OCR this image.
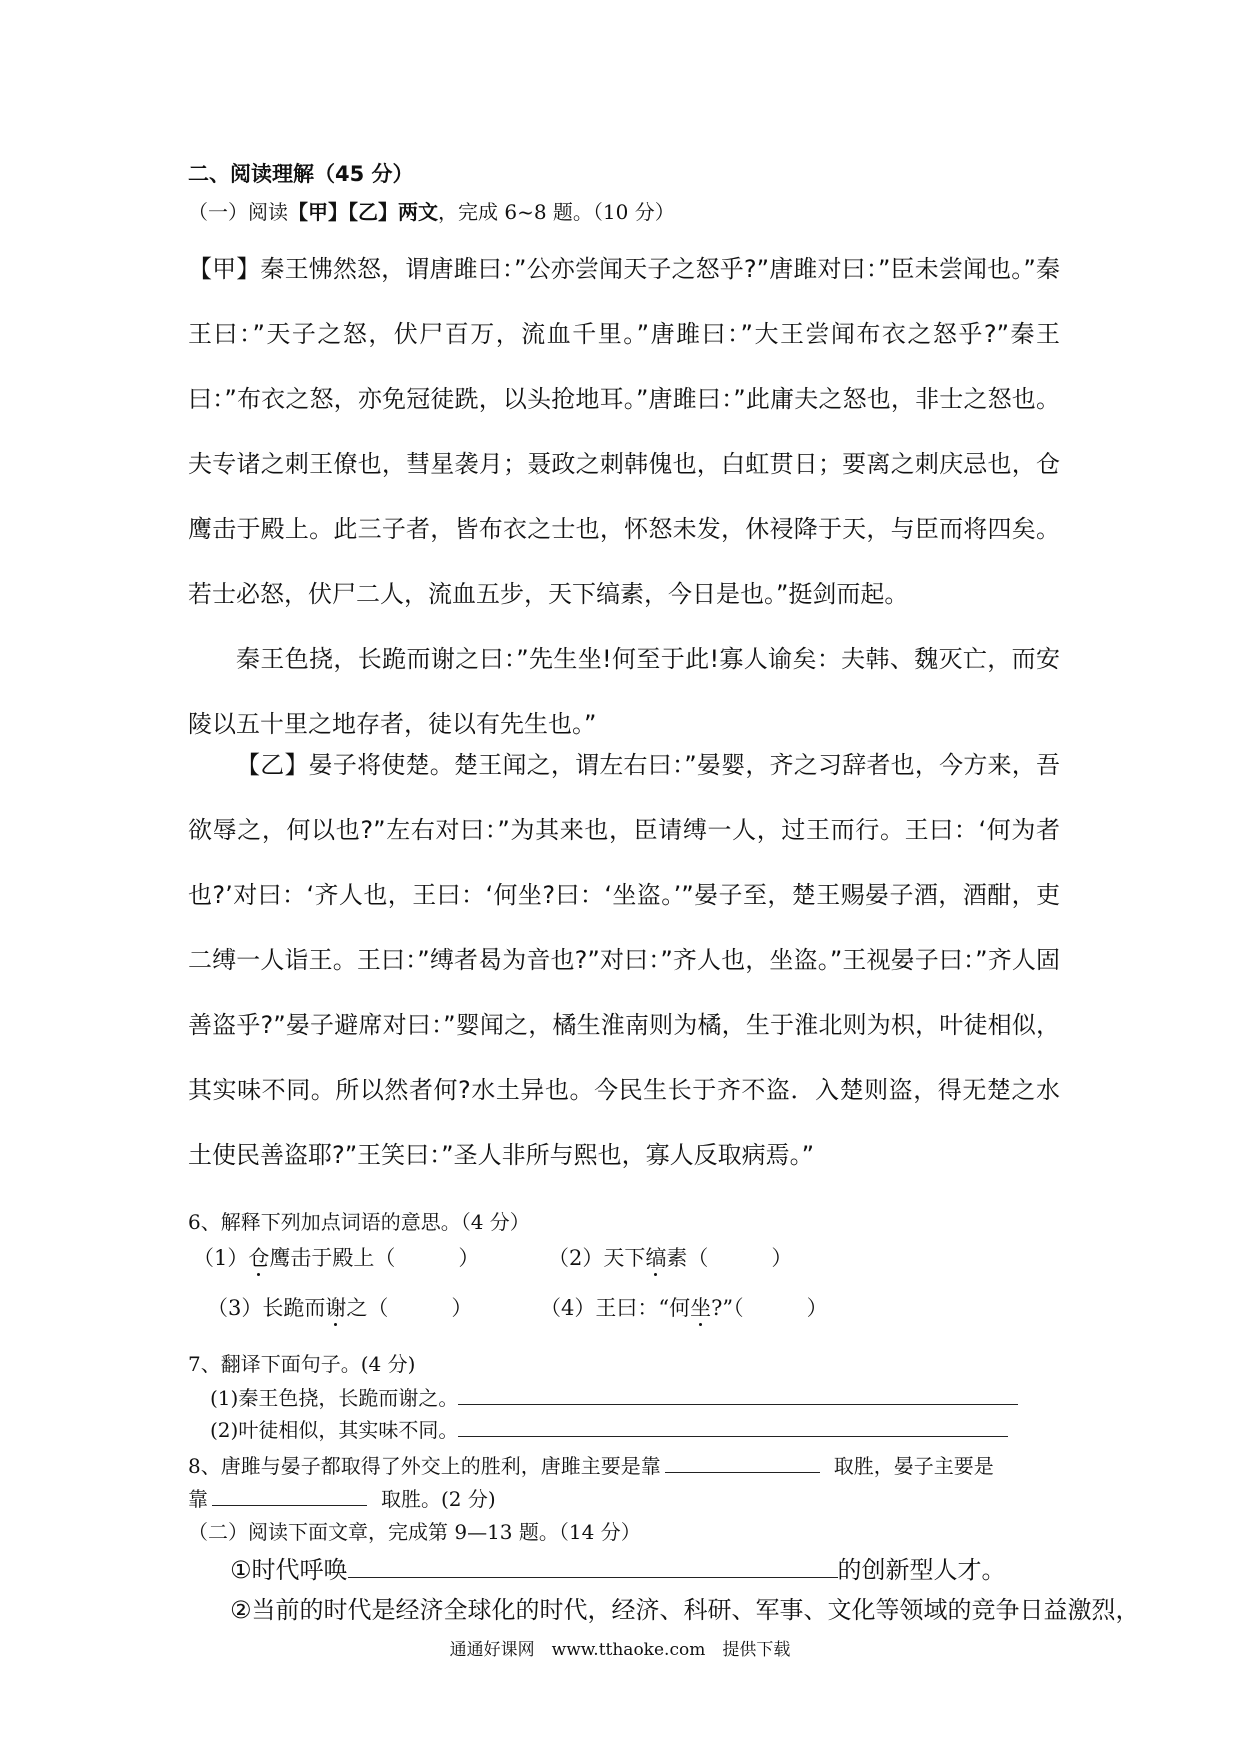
二、阅读理解（45 分）
（一）阅读【甲】【乙】两文，完成 6~8 题。（10 分）

【甲】秦王怫然怒，谓唐雎曰：”公亦尝闻天子之怒乎?”唐雎对曰：”臣未尝闻也。”秦王曰：”天子之怒，伏尸百万，流血千里。”唐雎曰：”大王尝闻布衣之怒乎?”秦王曰：”布衣之怒，亦免冠徒跣，以头抢地耳。”唐雎曰：”此庸夫之怒也，非士之怒也。夫专诸之刺王僚也，彗星袭月；聂政之刺韩傀也，白虹贯日；要离之刺庆忌也，仓鹰击于殿上。此三子者，皆布衣之士也，怀怒未发，休祲降于天，与臣而将四矣。若士必怒，伏尸二人，流血五步，天下缟素，今日是也。”挺剑而起。

秦王色挠，长跪而谢之曰：”先生坐!何至于此!寡人谕矣：夫韩、魏灭亡，而安陵以五十里之地存者，徒以有先生也。”

【乙】晏子将使楚。楚王闻之，谓左右曰：”晏婴，齐之习辞者也，今方来，吾欲辱之，何以也?”左右对曰：”为其来也，臣请缚一人，过王而行。王曰：‘何为者也?’对曰：‘齐人也，王曰：‘何坐?曰：‘坐盗。’”晏子至，楚王赐晏子酒，酒酣，吏二缚一人诣王。王曰：”缚者曷为音也?”对曰：”齐人也，坐盗。”王视晏子曰：”齐人固善盗乎?”晏子避席对曰：”婴闻之，橘生淮南则为橘，生于淮北则为枳，叶徒相似，其实味不同。所以然者何?水土异也。今民生长于齐不盗．入楚则盗，得无楚之水土使民善盗耶?”王笑曰：”圣人非所与熙也，寡人反取病焉。”

6、解释下列加点词语的意思。（4 分）
（1）仓鹰击于殿上（　　　）	（2）天下缟素（　　　）
（3）长跪而谢之（　　　）	（4）王曰：“何坐?”（　　　）
7、翻译下面句子。(4 分)
(1)秦王色挠，长跪而谢之。
(2)叶徒相似，其实味不同。
8、唐雎与晏子都取得了外交上的胜利，唐雎主要是靠	取胜，晏子主要是
靠	取胜。(2 分)
（二）阅读下面文章，完成第 9—13 题。（14 分）
①时代呼唤	的创新型人才。
②当前的时代是经济全球化的时代，经济、科研、军事、文化等领域的竞争日益激烈，
通通好课网　www.tthaoke.com　提供下载
